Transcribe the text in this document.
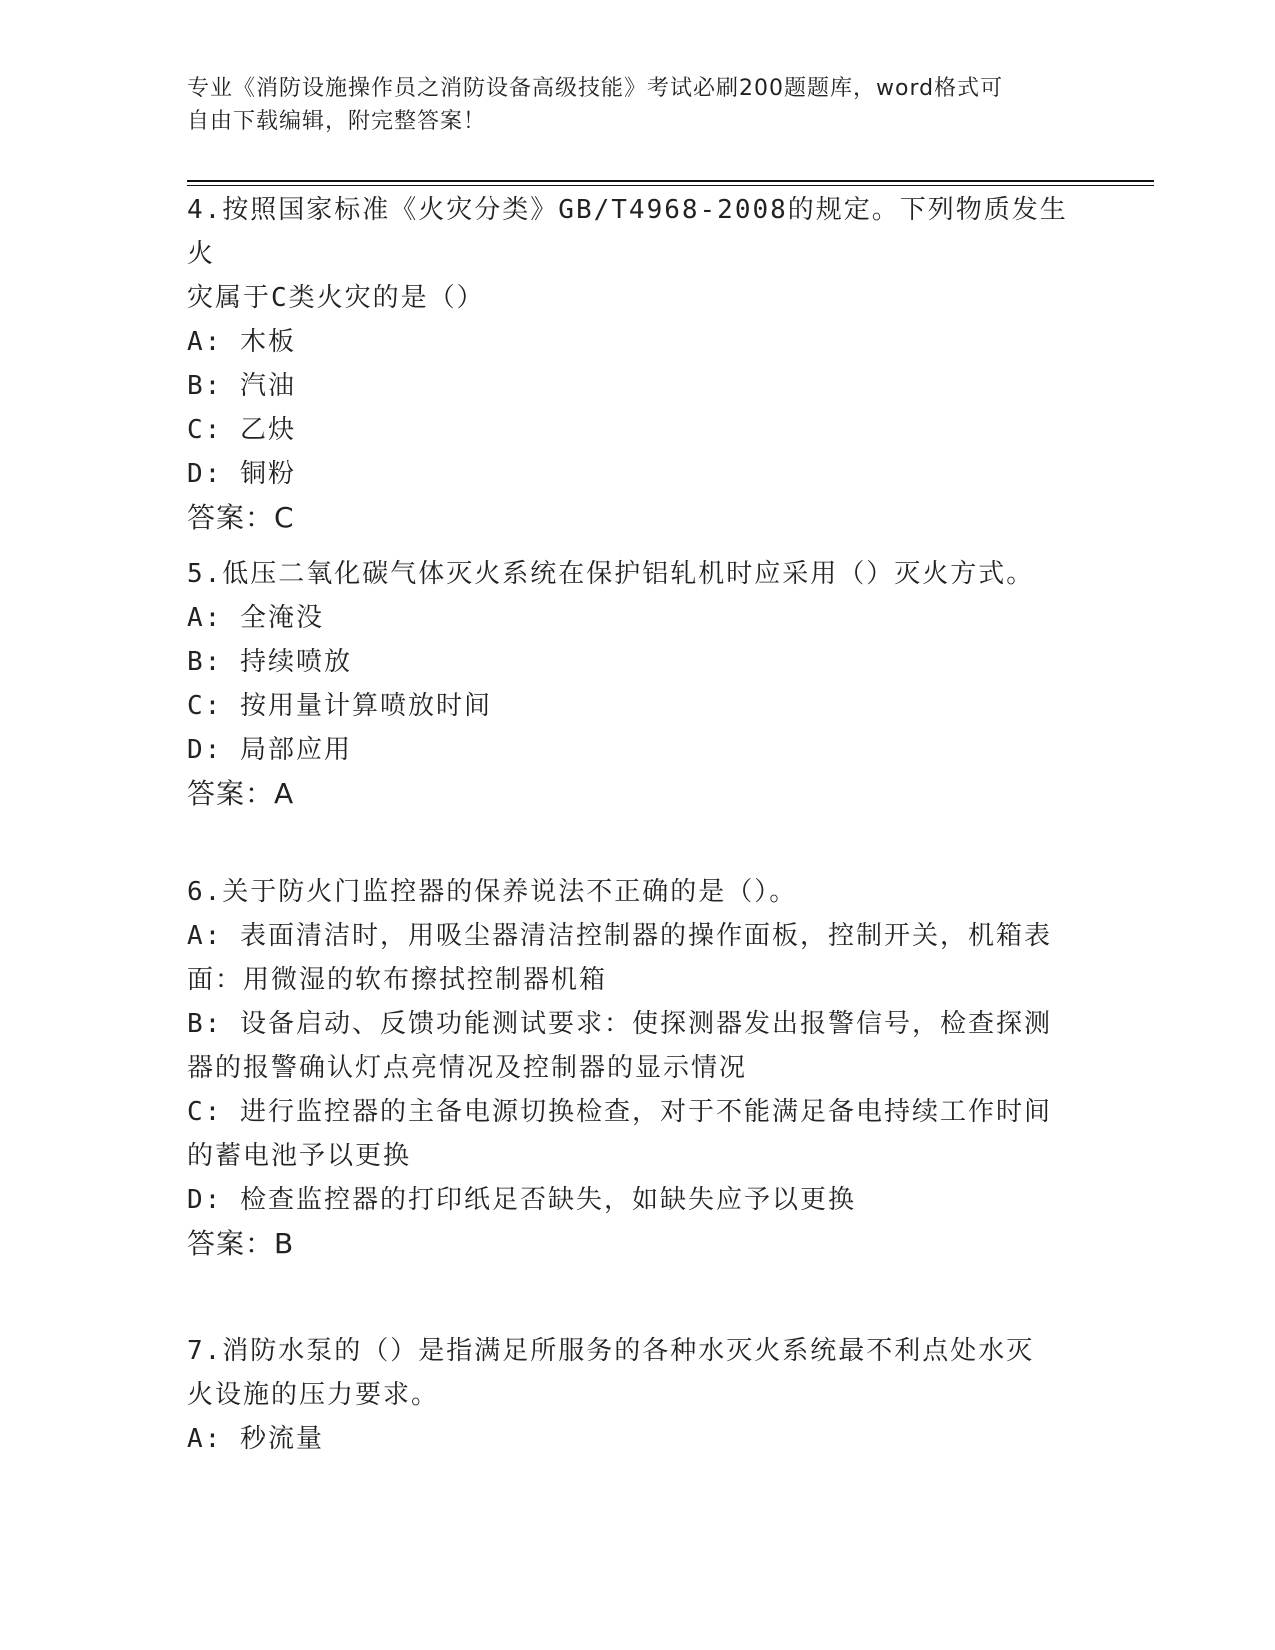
专业《消防设施操作员之消防设备高级技能》考试必刷200题题库，word格式可
自由下载编辑，附完整答案！
4.按照国家标准《火灾分类》GB/T4968-2008的规定。下列物质发生火
灾属于C类火灾的是（）
A: 木板
B: 汽油
C: 乙炔
D: 铜粉
答案：C
5.低压二氧化碳气体灭火系统在保护铝轧机时应采用（）灭火方式。
A: 全淹没
B: 持续喷放
C: 按用量计算喷放时间
D: 局部应用
答案：A
6.关于防火门监控器的保养说法不正确的是（）。
A: 表面清洁时，用吸尘器清洁控制器的操作面板，控制开关，机箱表
面：用微湿的软布擦拭控制器机箱
B: 设备启动、反馈功能测试要求：使探测器发出报警信号，检查探测
器的报警确认灯点亮情况及控制器的显示情况
C: 进行监控器的主备电源切换检查，对于不能满足备电持续工作时间
的蓄电池予以更换
D: 检查监控器的打印纸足否缺失，如缺失应予以更换
答案：B
7.消防水泵的（）是指满足所服务的各种水灭火系统最不利点处水灭
火设施的压力要求。
A: 秒流量
